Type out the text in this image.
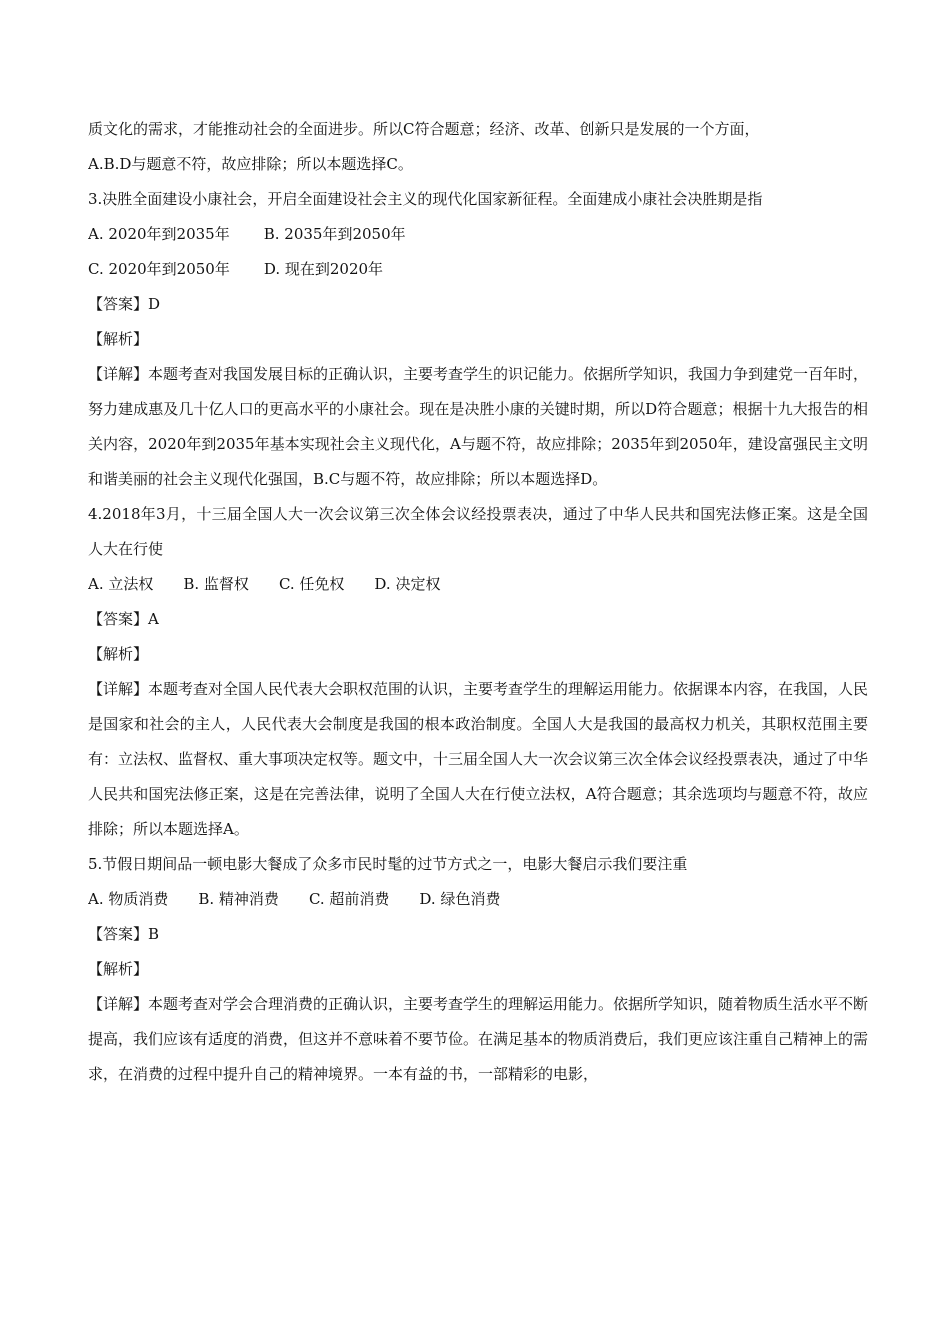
质文化的需求，才能推动社会的全面进步。所以C符合题意；经济、改革、创新只是发展的一个方面，

A.B.D与题意不符，故应排除；所以本题选择C。

3.决胜全面建设小康社会，开启全面建设社会主义的现代化国家新征程。全面建成小康社会决胜期是指

A. 2020年到2035年	B. 2035年到2050年
C. 2020年到2050年	D. 现在到2020年

【答案】D

【解析】

【详解】本题考查对我国发展目标的正确认识，主要考查学生的识记能力。依据所学知识，我国力争到建党一百年时，努力建成惠及几十亿人口的更高水平的小康社会。现在是决胜小康的关键时期，所以D符合题意；根据十九大报告的相关内容，2020年到2035年基本实现社会主义现代化，A与题不符，故应排除；2035年到2050年，建设富强民主文明和谐美丽的社会主义现代化强国，B.C与题不符，故应排除；所以本题选择D。

4.2018年3月，十三届全国人大一次会议第三次全体会议经投票表决，通过了中华人民共和国宪法修正案。这是全国人大在行使

A. 立法权	B. 监督权	C. 任免权	D. 决定权

【答案】A

【解析】

【详解】本题考查对全国人民代表大会职权范围的认识，主要考查学生的理解运用能力。依据课本内容，在我国，人民是国家和社会的主人，人民代表大会制度是我国的根本政治制度。全国人大是我国的最高权力机关，其职权范围主要有：立法权、监督权、重大事项决定权等。题文中，十三届全国人大一次会议第三次全体会议经投票表决，通过了中华人民共和国宪法修正案，这是在完善法律，说明了全国人大在行使立法权，A符合题意；其余选项均与题意不符，故应排除；所以本题选择A。

5.节假日期间品一顿电影大餐成了众多市民时髦的过节方式之一，电影大餐启示我们要注重

A. 物质消费	B. 精神消费	C. 超前消费	D. 绿色消费

【答案】B

【解析】

【详解】本题考查对学会合理消费的正确认识，主要考查学生的理解运用能力。依据所学知识，随着物质生活水平不断提高，我们应该有适度的消费，但这并不意味着不要节俭。在满足基本的物质消费后，我们更应该注重自己精神上的需求，在消费的过程中提升自己的精神境界。一本有益的书，一部精彩的电影，
